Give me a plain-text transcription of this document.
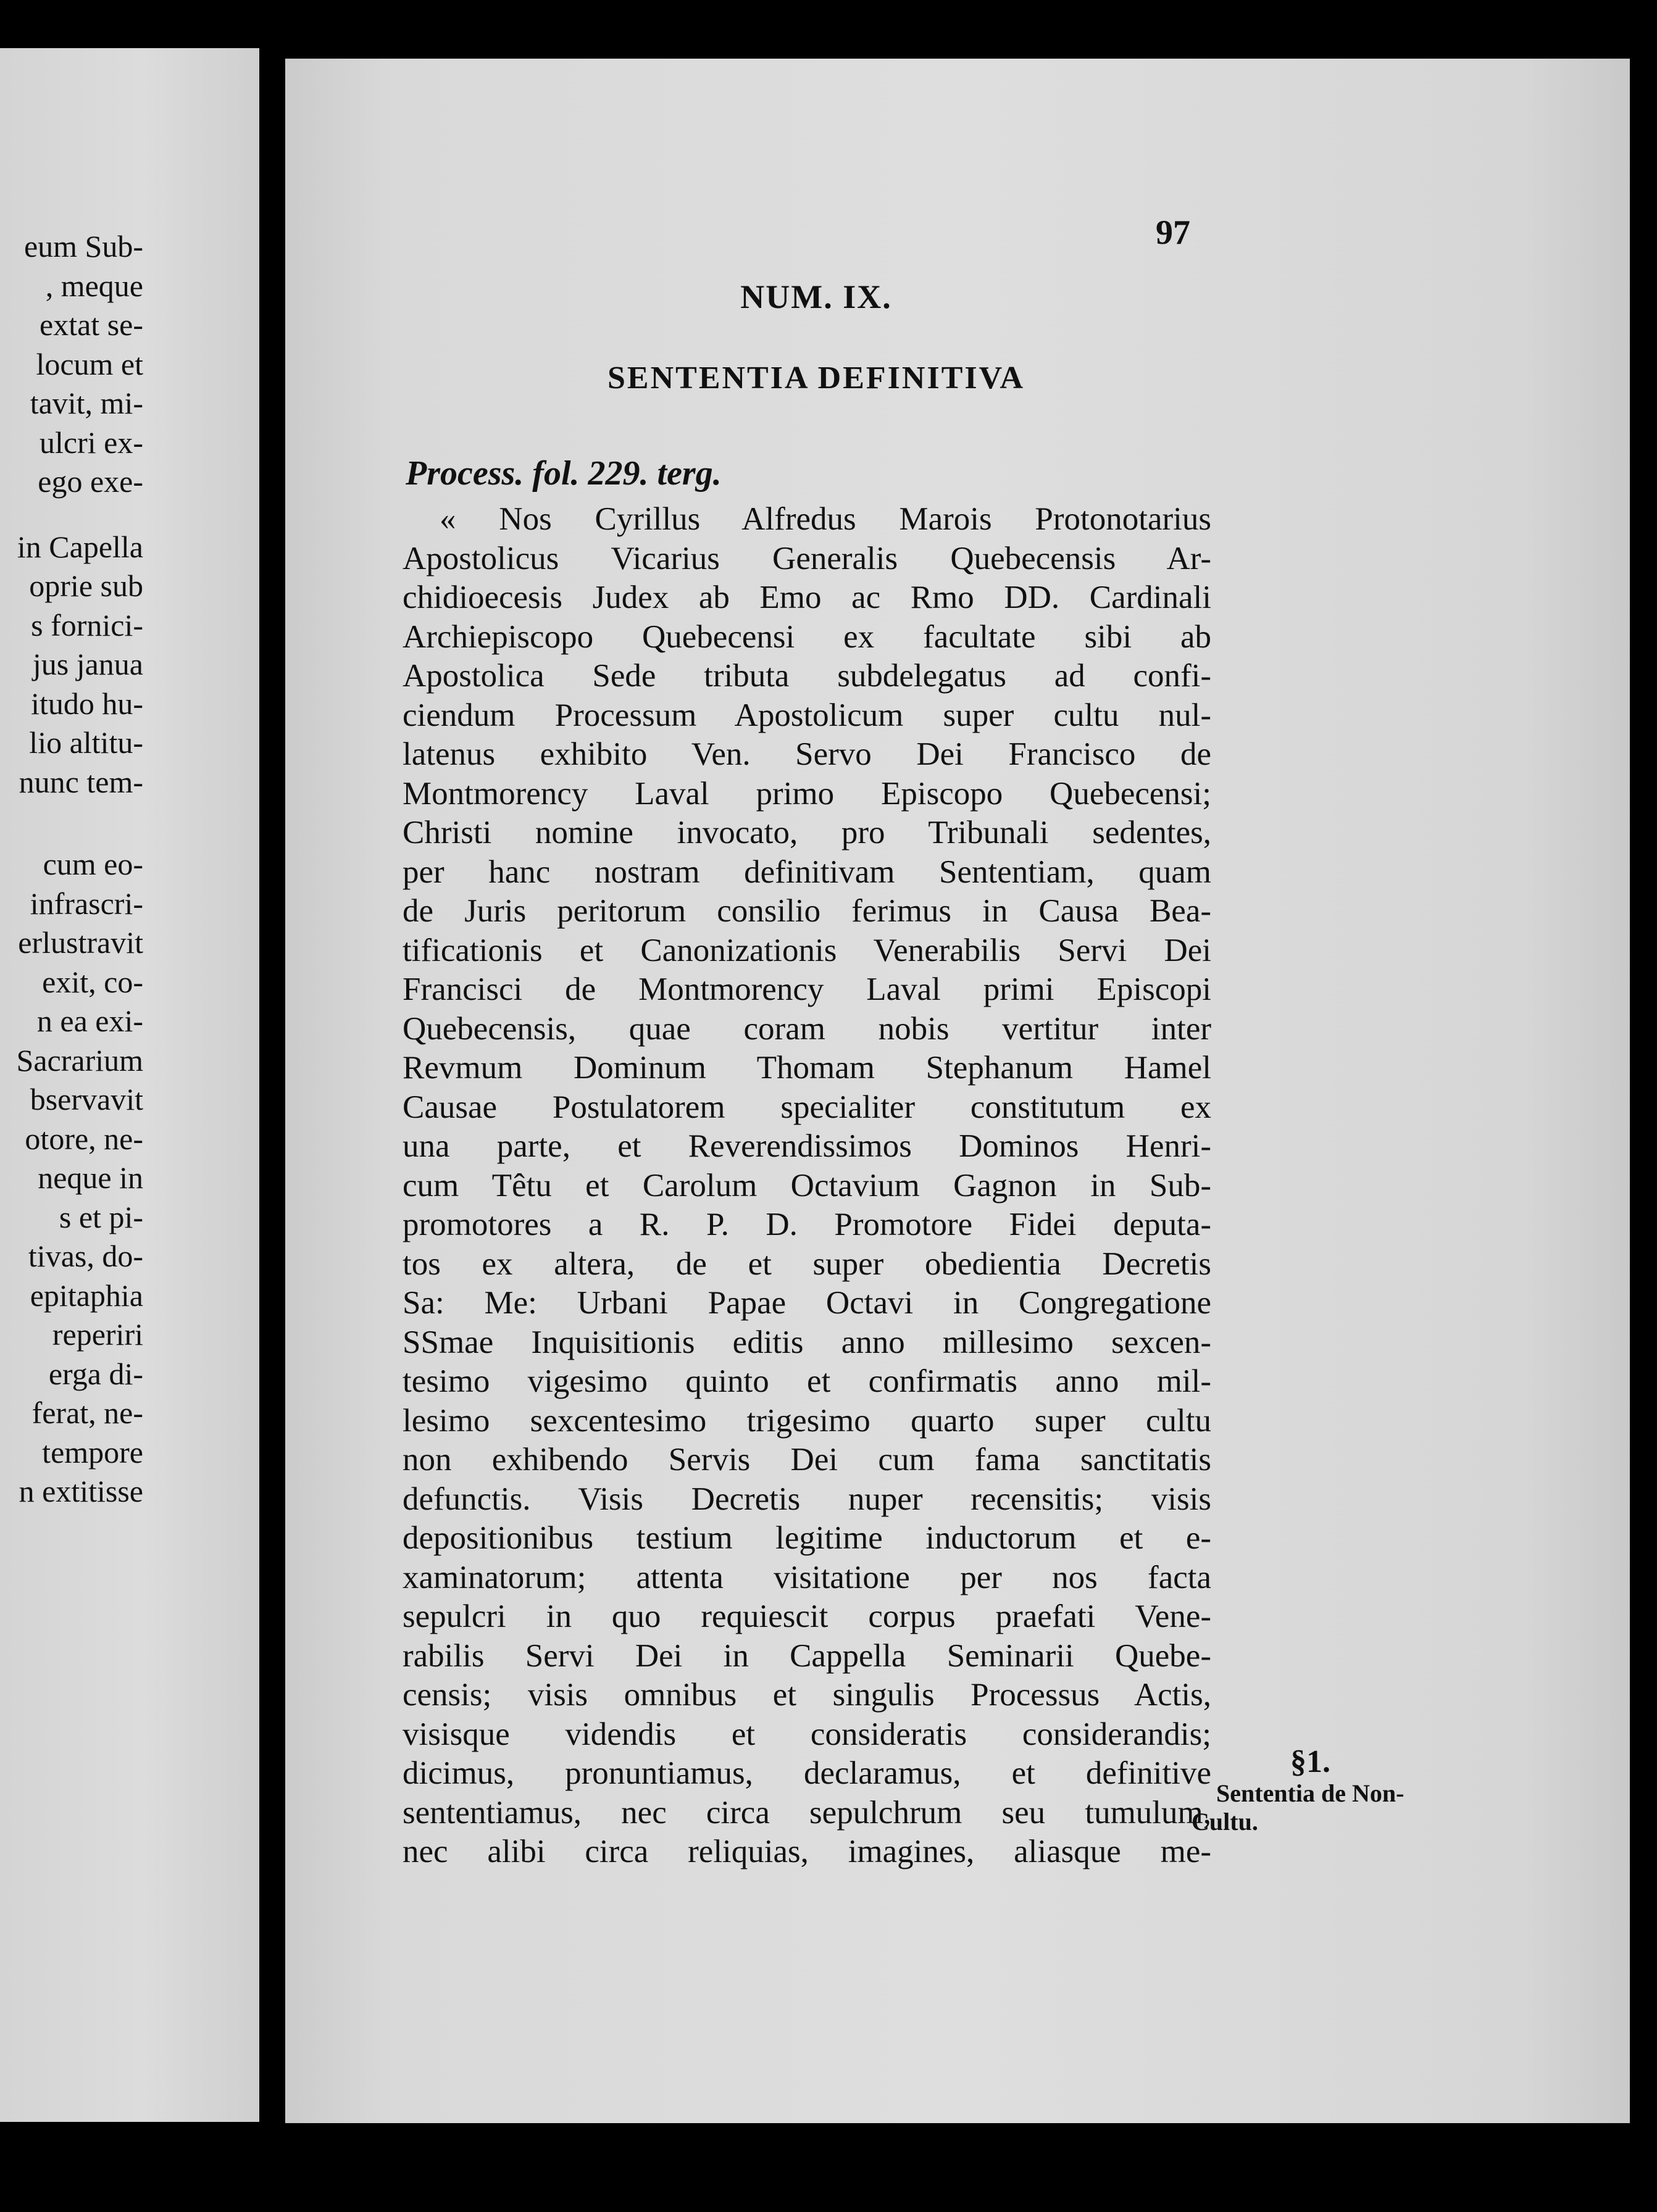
eum Sub-
, meque
extat se-
locum et
tavit, mi-
ulcri ex-
ego exe-
in Capella
oprie sub
s fornici-
jus janua
itudo hu-
lio altitu-
nunc tem-
cum eo-
infrascri-
erlustravit
exit, co-
n ea exi-
Sacrarium
bservavit
otore, ne-
neque in
s et pi-
tivas, do-
epitaphia
reperiri
erga di-
ferat, ne-
tempore
n extitisse
97
NUM. IX.
SENTENTIA DEFINITIVA
Process. fol. 229. terg.
« Nos Cyrillus Alfredus Marois Protonotarius
Apostolicus Vicarius Generalis Quebecensis Ar-
chidioecesis Judex ab Emo ac Rmo DD. Cardinali
Archiepiscopo Quebecensi ex facultate sibi ab
Apostolica Sede tributa subdelegatus ad confi-
ciendum Processum Apostolicum super cultu nul-
latenus exhibito Ven. Servo Dei Francisco de
Montmorency Laval primo Episcopo Quebecensi;
Christi nomine invocato, pro Tribunali sedentes,
per hanc nostram definitivam Sententiam, quam
de Juris peritorum consilio ferimus in Causa Bea-
tificationis et Canonizationis Venerabilis Servi Dei
Francisci de Montmorency Laval primi Episcopi
Quebecensis, quae coram nobis vertitur inter
Revmum Dominum Thomam Stephanum Hamel
Causae Postulatorem specialiter constitutum ex
una parte, et Reverendissimos Dominos Henri-
cum Têtu et Carolum Octavium Gagnon in Sub-
promotores a R. P. D. Promotore Fidei deputa-
tos ex altera, de et super obedientia Decretis
Sa: Me: Urbani Papae Octavi in Congregatione
SSmae Inquisitionis editis anno millesimo sexcen-
tesimo vigesimo quinto et confirmatis anno mil-
lesimo sexcentesimo trigesimo quarto super cultu
non exhibendo Servis Dei cum fama sanctitatis
defunctis. Visis Decretis nuper recensitis; visis
depositionibus testium legitime inductorum et e-
xaminatorum; attenta visitatione per nos facta
sepulcri in quo requiescit corpus praefati Vene-
rabilis Servi Dei in Cappella Seminarii Quebe-
censis; visis omnibus et singulis Processus Actis,
visisque videndis et consideratis considerandis;
dicimus, pronuntiamus, declaramus, et definitive
sententiamus, nec circa sepulchrum seu tumulum,
nec alibi circa reliquias, imagines, aliasque me-
§1.
Sententia de Non-
Cultu.
